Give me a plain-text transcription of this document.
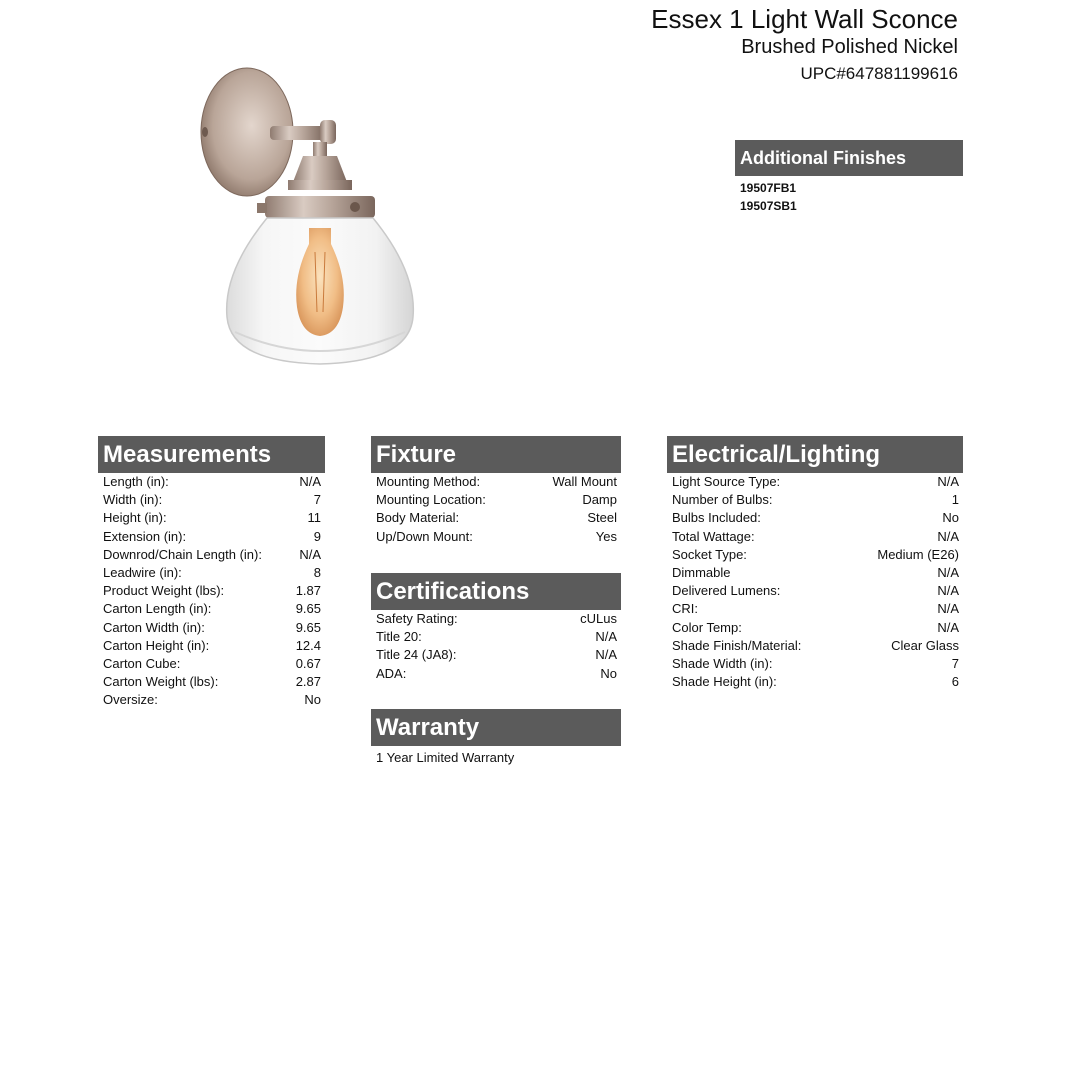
Essex 1 Light Wall Sconce
Brushed Polished Nickel
UPC#647881199616
Additional Finishes
19507FB1
19507SB1
Measurements
Length (in):	N/A
Width (in):	7
Height (in):	11
Extension (in):	9
Downrod/Chain Length (in):	N/A
Leadwire (in):	8
Product Weight (lbs):	1.87
Carton Length (in):	9.65
Carton Width (in):	9.65
Carton Height (in):	12.4
Carton Cube:	0.67
Carton Weight (lbs):	2.87
Oversize:	No
Fixture
Mounting Method:	Wall Mount
Mounting Location:	Damp
Body Material:	Steel
Up/Down Mount:	Yes
Certifications
Safety Rating:	cULus
Title 20:	N/A
Title 24 (JA8):	N/A
ADA:	No
Warranty
1 Year Limited Warranty
Electrical/Lighting
Light Source Type:	N/A
Number of Bulbs:	1
Bulbs Included:	No
Total Wattage:	N/A
Socket Type:	Medium (E26)
Dimmable	N/A
Delivered Lumens:	N/A
CRI:	N/A
Color Temp:	N/A
Shade Finish/Material:	Clear Glass
Shade Width (in):	7
Shade Height (in):	6
